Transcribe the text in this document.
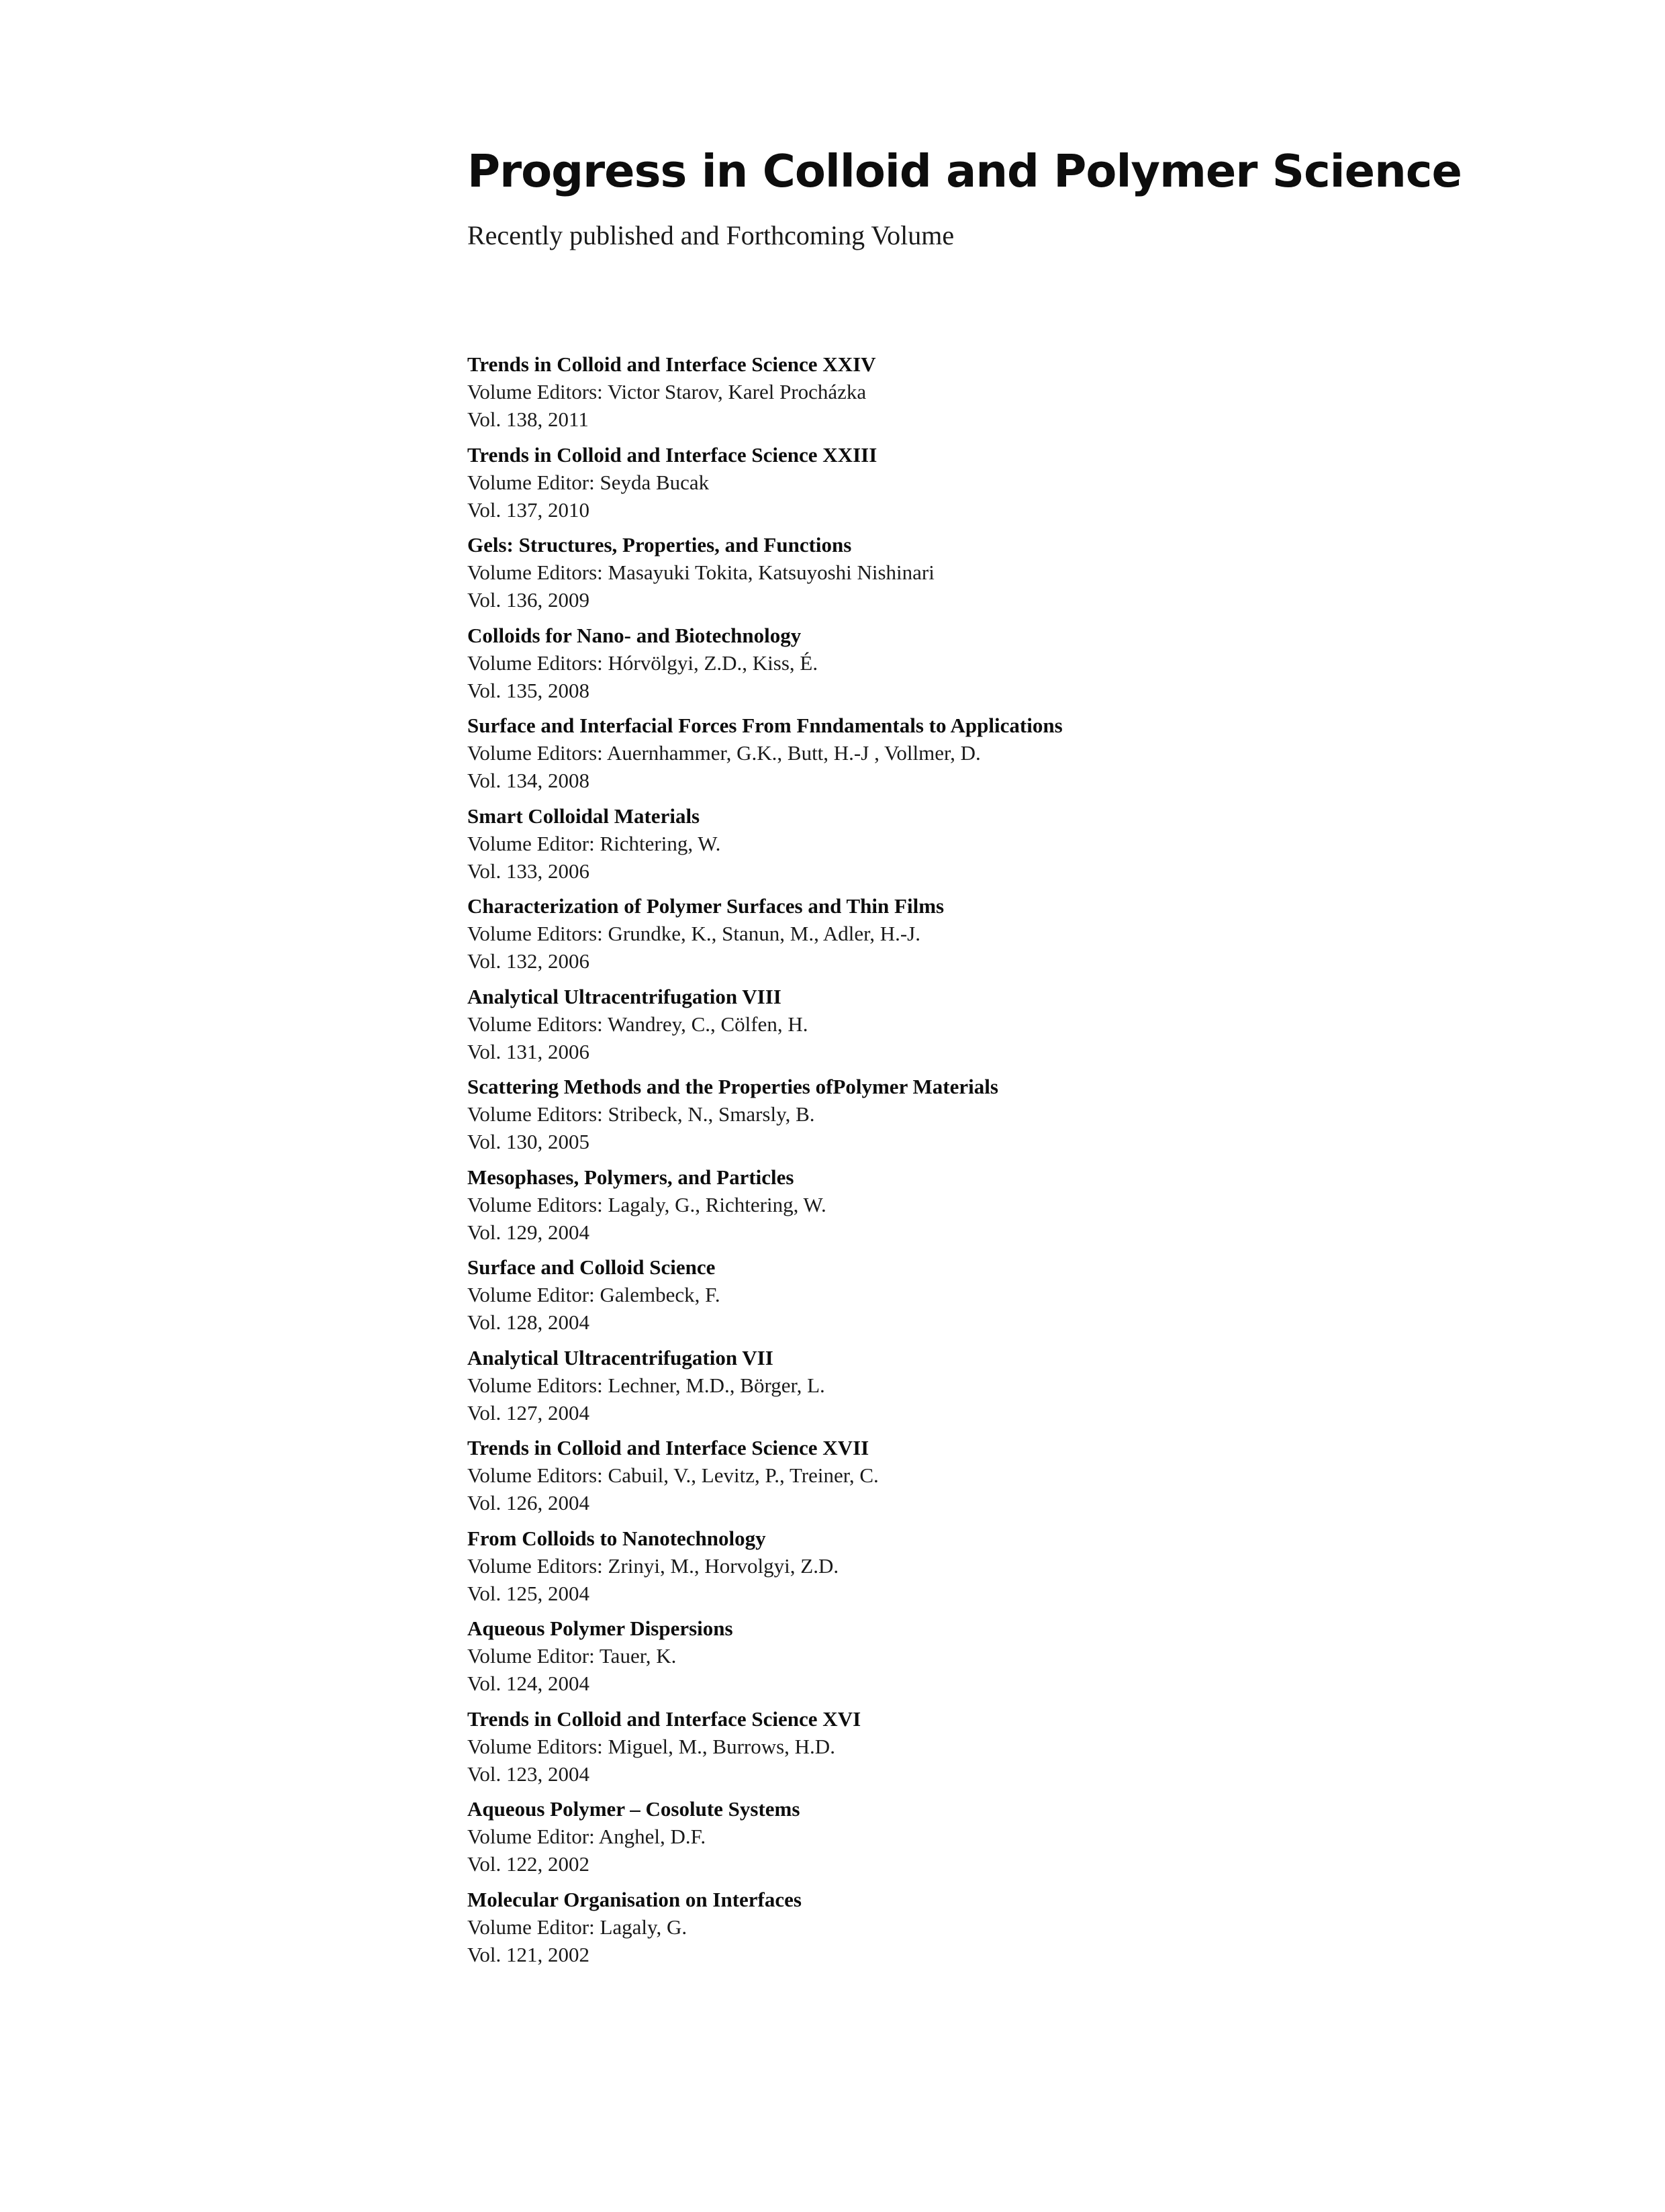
Progress in Colloid and Polymer Science
Recently published and Forthcoming Volume
Trends in Colloid and Interface Science XXIV
Volume Editors: Victor Starov, Karel Procházka
Vol. 138, 2011
Trends in Colloid and Interface Science XXIII
Volume Editor: Seyda Bucak
Vol. 137, 2010
Gels: Structures, Properties, and Functions
Volume Editors: Masayuki Tokita, Katsuyoshi Nishinari
Vol. 136, 2009
Colloids for Nano- and Biotechnology
Volume Editors: Hórvölgyi, Z.D., Kiss, É.
Vol. 135, 2008
Surface and Interfacial Forces From Fnndamentals to Applications
Volume Editors: Auernhammer, G.K., Butt, H.-J , Vollmer, D.
Vol. 134, 2008
Smart Colloidal Materials
Volume Editor: Richtering, W.
Vol. 133, 2006
Characterization of Polymer Surfaces and Thin Films
Volume Editors: Grundke, K., Stanun, M., Adler, H.-J.
Vol. 132, 2006
Analytical Ultracentrifugation VIII
Volume Editors: Wandrey, C., Cölfen, H.
Vol. 131, 2006
Scattering Methods and the Properties ofPolymer Materials
Volume Editors: Stribeck, N., Smarsly, B.
Vol. 130, 2005
Mesophases, Polymers, and Particles
Volume Editors: Lagaly, G., Richtering, W.
Vol. 129, 2004
Surface and Colloid Science
Volume Editor: Galembeck, F.
Vol. 128, 2004
Analytical Ultracentrifugation VII
Volume Editors: Lechner, M.D., Börger, L.
Vol. 127, 2004
Trends in Colloid and Interface Science XVII
Volume Editors: Cabuil, V., Levitz, P., Treiner, C.
Vol. 126, 2004
From Colloids to Nanotechnology
Volume Editors: Zrinyi, M., Horvolgyi, Z.D.
Vol. 125, 2004
Aqueous Polymer Dispersions
Volume Editor: Tauer, K.
Vol. 124, 2004
Trends in Colloid and Interface Science XVI
Volume Editors: Miguel, M., Burrows, H.D.
Vol. 123, 2004
Aqueous Polymer – Cosolute Systems
Volume Editor: Anghel, D.F.
Vol. 122, 2002
Molecular Organisation on Interfaces
Volume Editor: Lagaly, G.
Vol. 121, 2002
